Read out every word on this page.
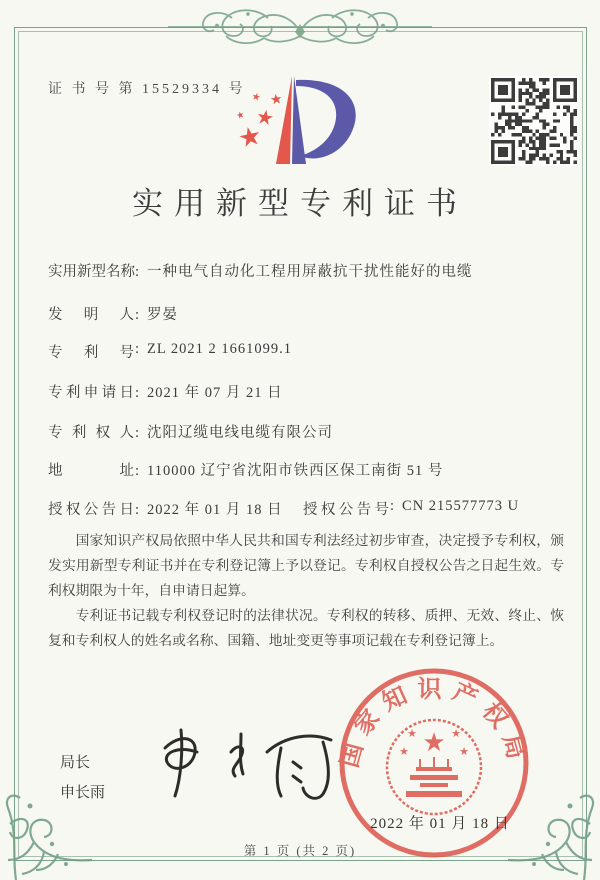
证 书 号 第 15529334 号
★
★
★
★
★
实用新型专利证书
实用新型名称: 一种电气自动化工程用屏蔽抗干扰性能好的电缆
发明人: 罗晏
专利号: ZL 2021 2 1661099.1
专利申请日: 2021 年 07 月 21 日
专利权人: 沈阳辽缆电线电缆有限公司
地址: 110000 辽宁省沈阳市铁西区保工南街 51 号
授权公告日: 2022 年 01 月 18 日 授权公告号: CN 215577773 U

国家知识产权局依照中华人民共和国专利法经过初步审查，决定授予专利权，颁发实用新型专利证书并在专利登记簿上予以登记。专利权自授权公告之日起生效。专利权期限为十年，自申请日起算。

专利证书记载专利权登记时的法律状况。专利权的转移、质押、无效、终止、恢复和专利权人的姓名或名称、国籍、地址变更等事项记载在专利登记簿上。

局长
申长雨
国家知识产权局
★
★	★
★	★
2022 年 01 月 18 日
第 1 页 (共 2 页)
